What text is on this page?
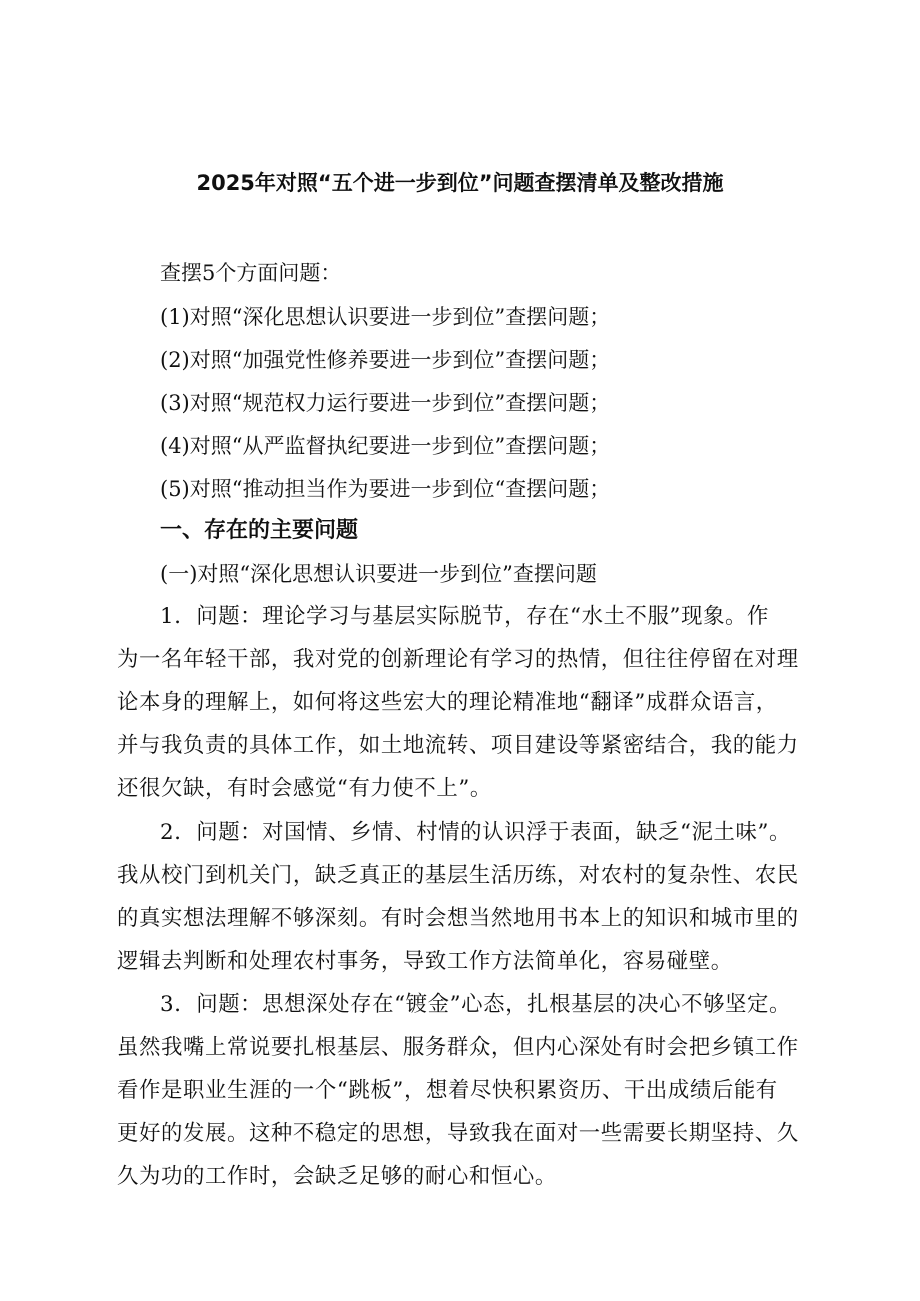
2025年对照“五个进一步到位”问题查摆清单及整改措施
查摆5个方面问题：
(1)对照“深化思想认识要进一步到位”查摆问题；
(2)对照“加强党性修养要进一步到位”查摆问题；
(3)对照“规范权力运行要进一步到位”查摆问题；
(4)对照“从严监督执纪要进一步到位”查摆问题；
(5)对照“推动担当作为要进一步到位“查摆问题；
一、存在的主要问题
(一)对照“深化思想认识要进一步到位”查摆问题
1．问题：理论学习与基层实际脱节，存在“水土不服”现象。作
为一名年轻干部，我对党的创新理论有学习的热情，但往往停留在对理
论本身的理解上，如何将这些宏大的理论精准地“翻译”成群众语言，
并与我负责的具体工作，如土地流转、项目建设等紧密结合，我的能力
还很欠缺，有时会感觉“有力使不上”。
2．问题：对国情、乡情、村情的认识浮于表面，缺乏“泥土味”。
我从校门到机关门，缺乏真正的基层生活历练，对农村的复杂性、农民
的真实想法理解不够深刻。有时会想当然地用书本上的知识和城市里的
逻辑去判断和处理农村事务，导致工作方法简单化，容易碰壁。
3．问题：思想深处存在“镀金”心态，扎根基层的决心不够坚定。
虽然我嘴上常说要扎根基层、服务群众，但内心深处有时会把乡镇工作
看作是职业生涯的一个“跳板”，想着尽快积累资历、干出成绩后能有
更好的发展。这种不稳定的思想，导致我在面对一些需要长期坚持、久
久为功的工作时，会缺乏足够的耐心和恒心。
